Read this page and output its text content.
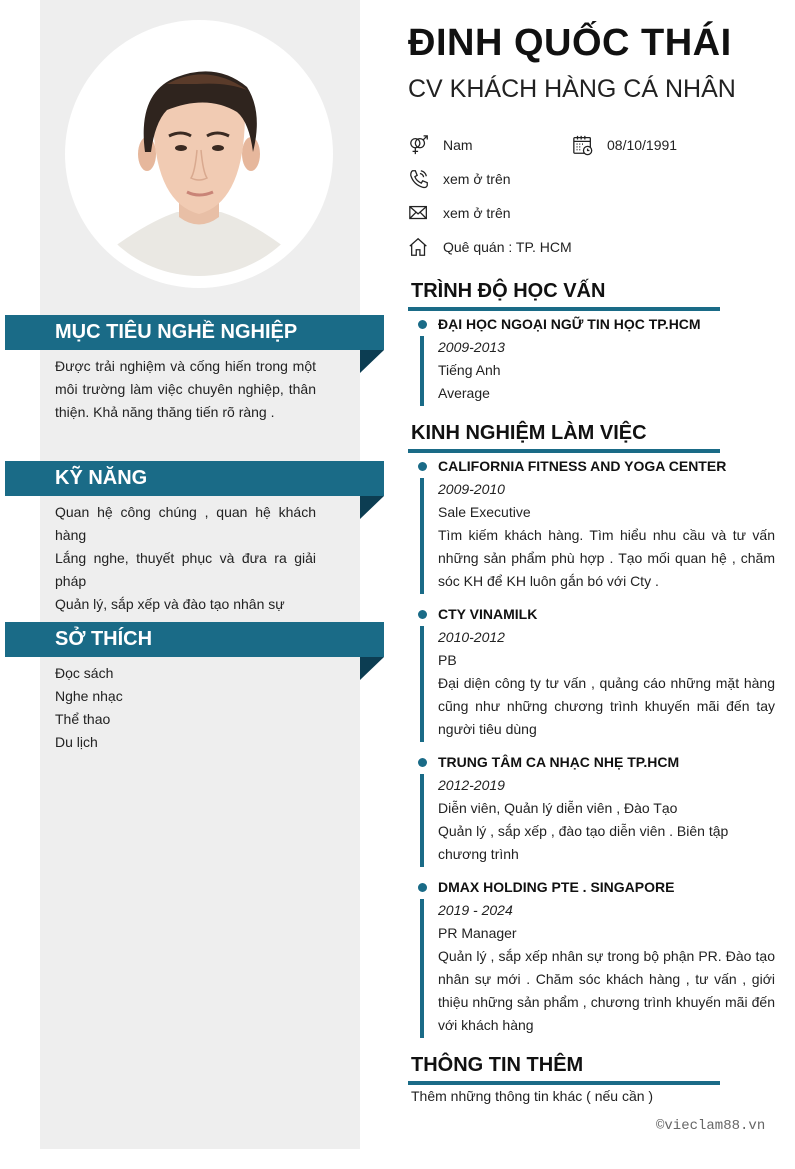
MỤC TIÊU NGHỀ NGHIỆP
Được trải nghiệm và cống hiến trong một môi trường làm việc chuyên nghiệp, thân thiện. Khả năng thăng tiến rõ ràng .
KỸ NĂNG
Quan hệ công chúng , quan hệ khách hàng
Lắng nghe, thuyết phục và đưa ra giải pháp
Quản lý, sắp xếp và đào tạo nhân sự
SỞ THÍCH
Đọc sách
Nghe nhạc
Thể thao
Du lịch
ĐINH QUỐC THÁI
CV KHÁCH HÀNG CÁ NHÂN
Nam	08/10/1991
xem ở trên
xem ở trên
Quê quán : TP. HCM
TRÌNH ĐỘ HỌC VẤN
ĐẠI HỌC NGOẠI NGỮ TIN HỌC TP.HCM
2009-2013
Tiếng Anh
Average
KINH NGHIỆM LÀM VIỆC
CALIFORNIA FITNESS AND YOGA CENTER
2009-2010
Sale Executive
Tìm kiếm khách hàng. Tìm hiểu nhu cầu và tư vấn những sản phẩm phù hợp . Tạo mối quan hệ , chăm sóc KH để KH luôn gắn bó với Cty .
CTY VINAMILK
2010-2012
PB
Đại diện công ty tư vấn , quảng cáo những mặt hàng cũng như những chương trình khuyến mãi đến tay người tiêu dùng
TRUNG TÂM CA NHẠC NHẸ TP.HCM
2012-2019
Diễn viên, Quản lý diễn viên , Đào Tạo
Quản lý , sắp xếp , đào tạo diễn viên . Biên tập chương trình
DMAX HOLDING PTE . SINGAPORE
2019 - 2024
PR Manager
Quản lý , sắp xếp nhân sự trong bộ phận PR. Đào tạo nhân sự mới . Chăm sóc khách hàng , tư vấn , giới thiệu những sản phẩm , chương trình khuyến mãi đến với khách hàng
THÔNG TIN THÊM
Thêm những thông tin khác ( nếu cần )
©vieclam88.vn
